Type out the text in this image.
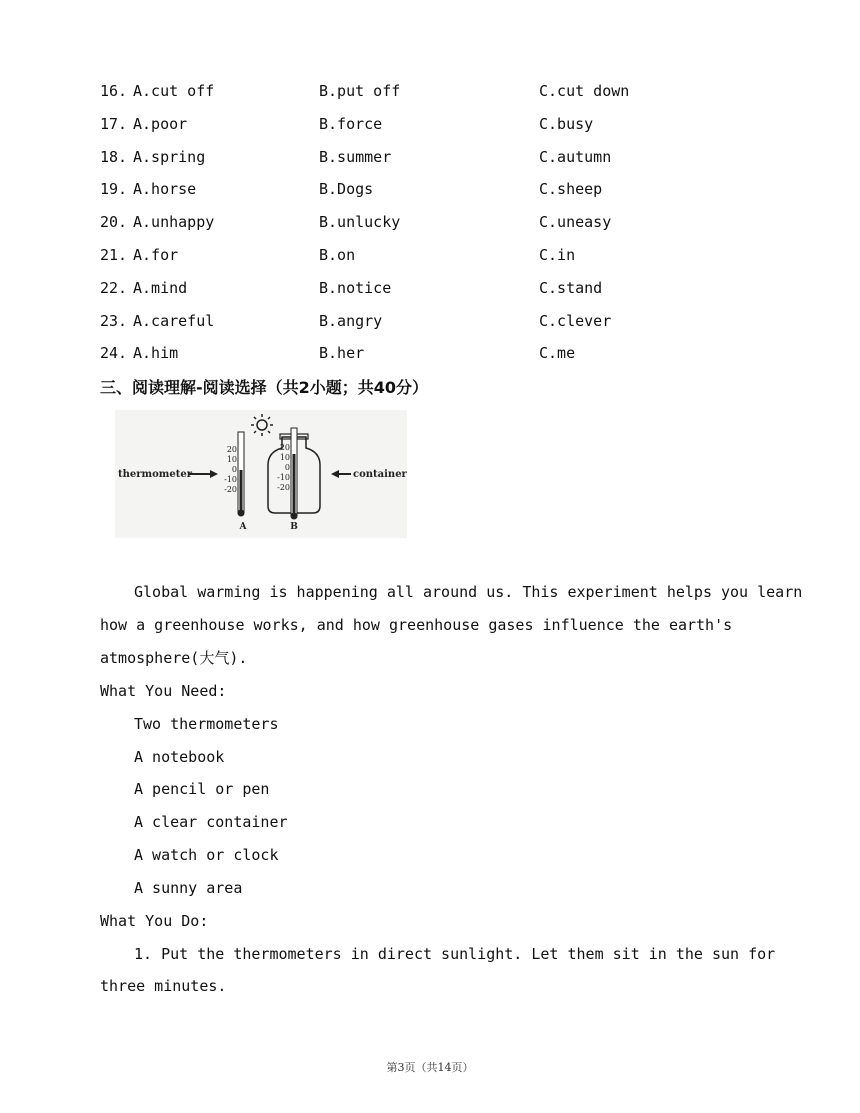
16. A.cut off	B.put off	C.cut down
17. A.poor	B.force	C.busy
18. A.spring	B.summer	C.autumn
19. A.horse	B.Dogs	C.sheep
20. A.unhappy	B.unlucky	C.uneasy
21. A.for	B.on	C.in
22. A.mind	B.notice	C.stand
23. A.careful	B.angry	C.clever
24. A.him	B.her	C.me
三、阅读理解-阅读选择（共2小题；共40分）
thermometer
20
10
0
-10
-20
A
20
10
0
-10
-20
B
container
Global warming is happening all around us. This experiment helps you learn
how a greenhouse works, and how greenhouse gases influence the earth's
atmosphere(大气).
What You Need:
Two thermometers
A notebook
A pencil or pen
A clear container
A watch or clock
A sunny area
What You Do:
1. Put the thermometers in direct sunlight. Let them sit in the sun for
three minutes.
第3页（共14页）
